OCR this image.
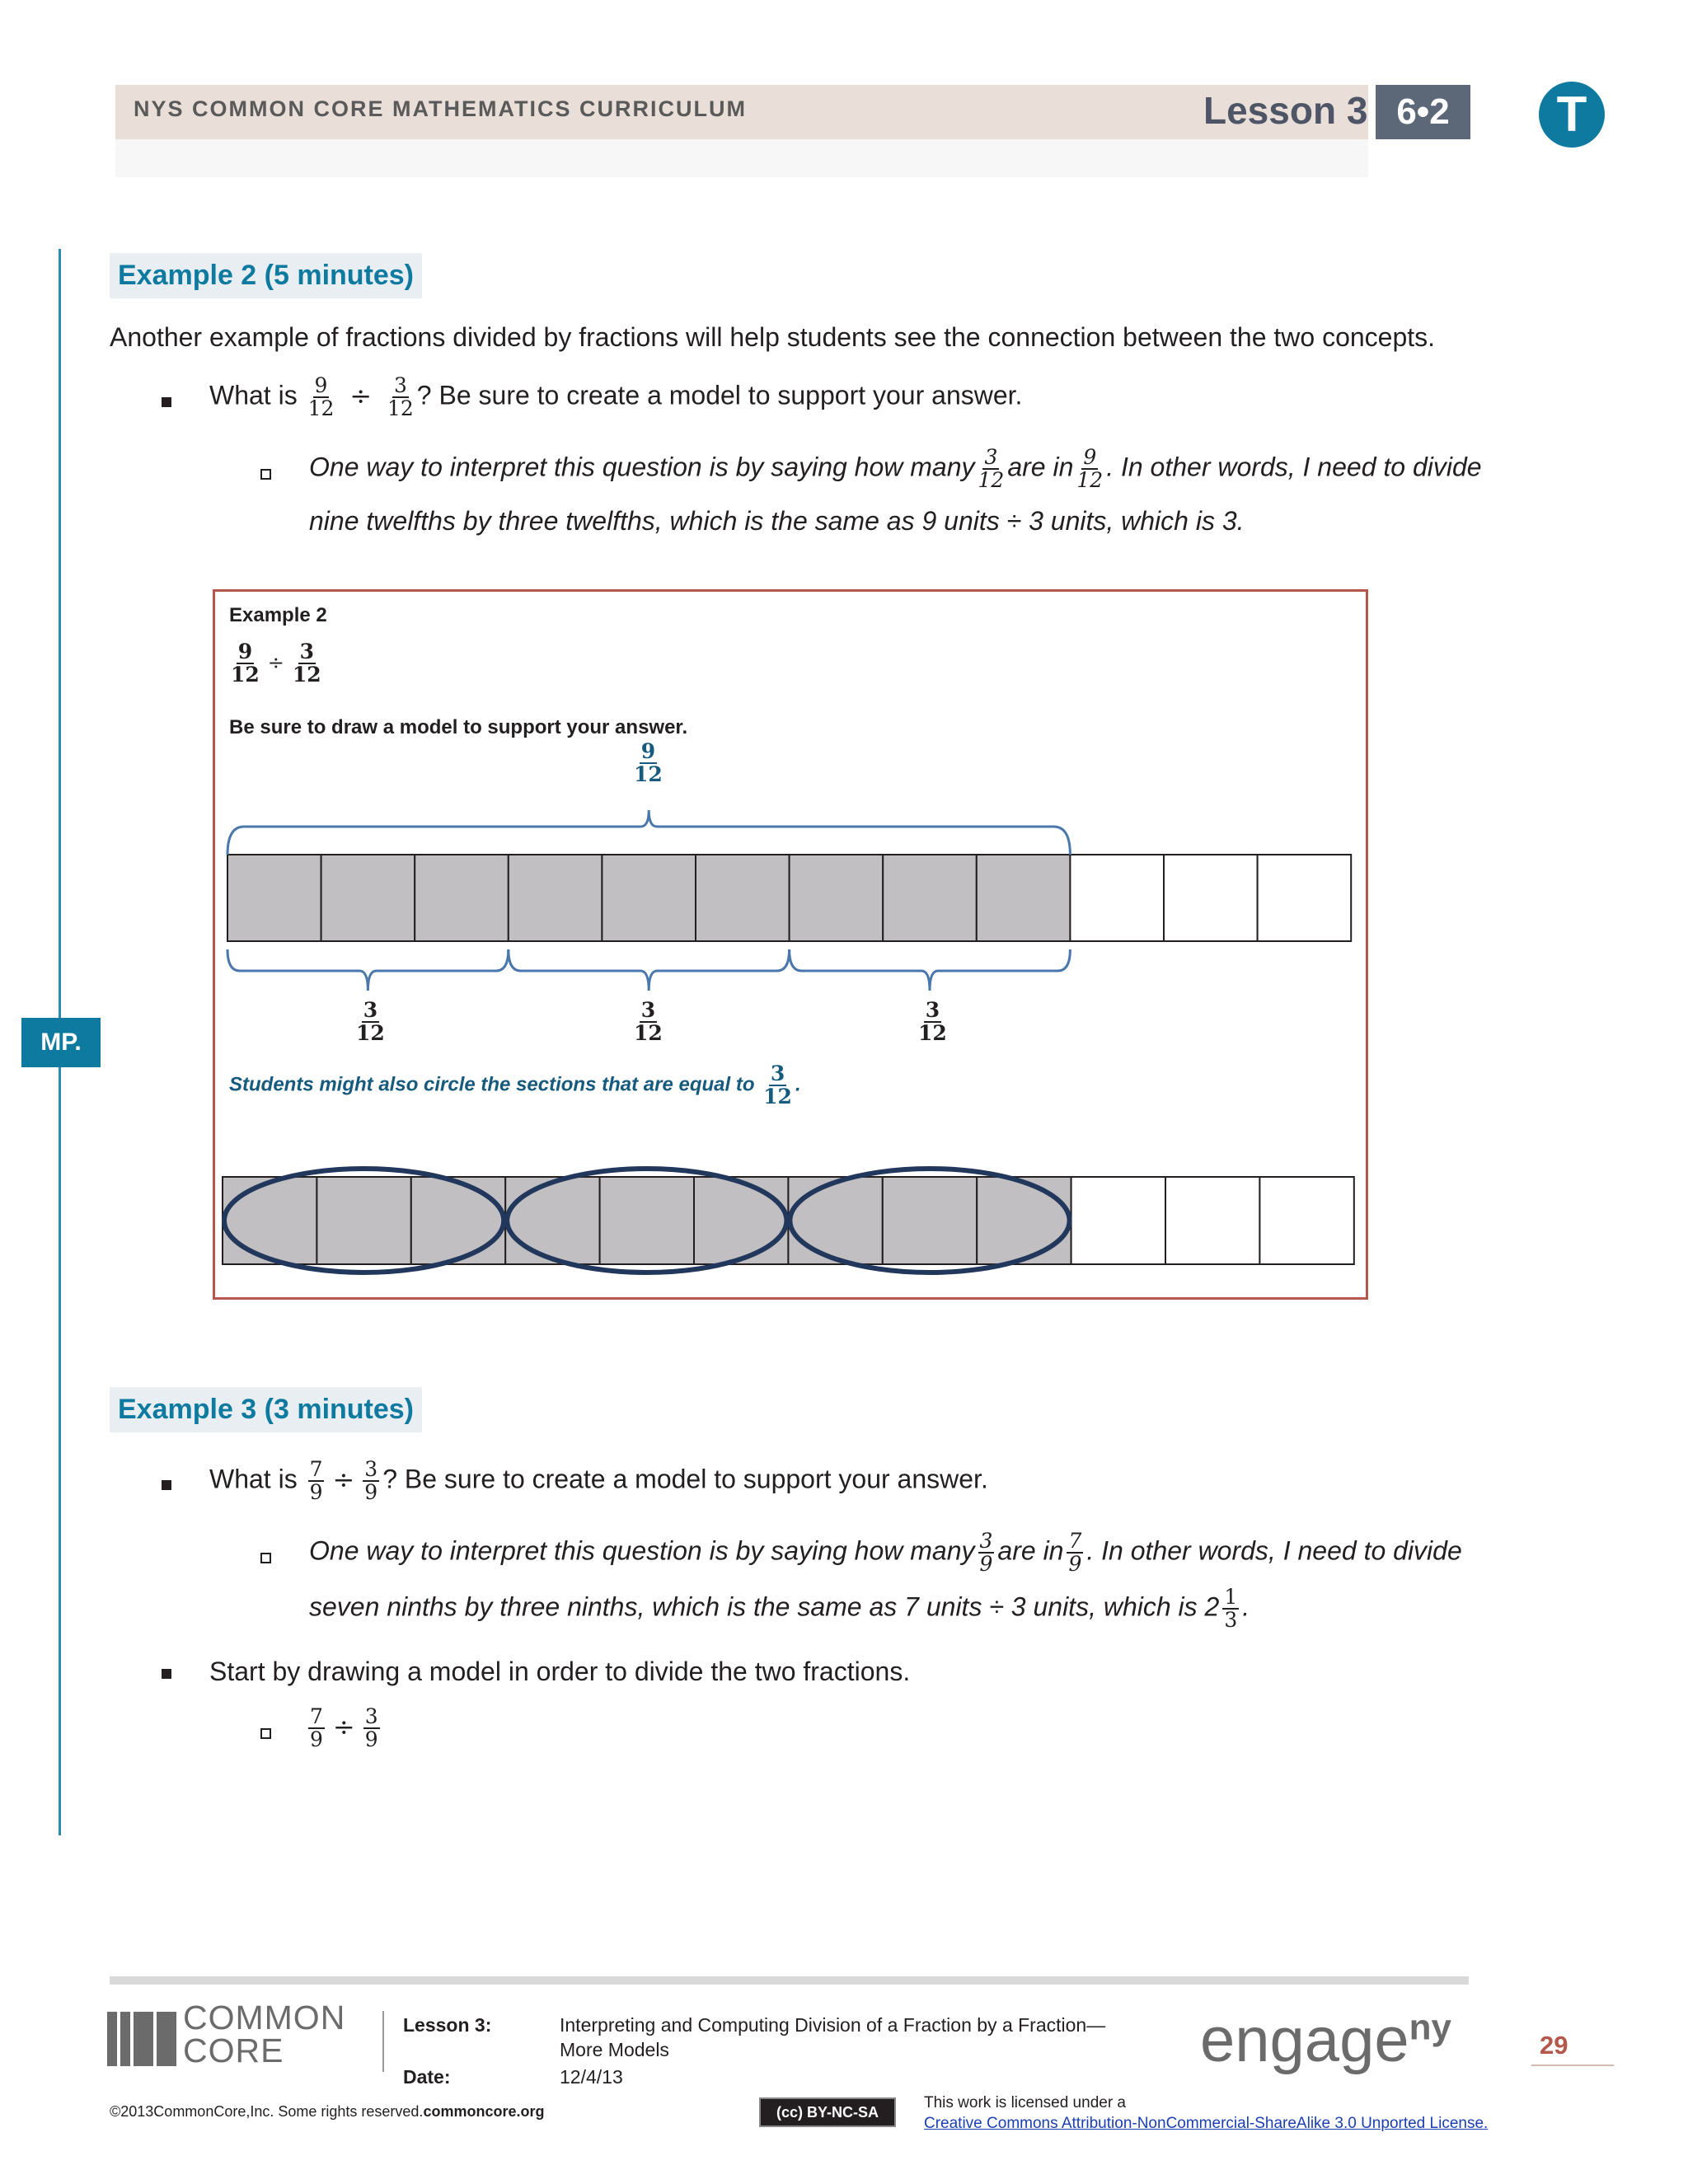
NYS COMMON CORE MATHEMATICS CURRICULUM	Lesson 3 6•2	T
MP.
Example 2 (5 minutes)
Another example of fractions divided by fractions will help students see the connection between the two concepts.
What is $\frac{9}{12} \div \frac{3}{12}$ ? Be sure to create a model to support your answer.
One way to interpret this question is by saying how many $\frac{3}{12}$ are in $\frac{9}{12}$ . In other words, I need to divide
nine twelfths by three twelfths, which is the same as 9 units ÷ 3 units, which is 3.
Example 2
$\frac{9}{12} \div \frac{3}{12}$
Be sure to draw a model to support your answer.
$\frac{9}{12}$
$\frac{3}{12}$	$\frac{3}{12}$	$\frac{3}{12}$
Students might also circle the sections that are equal to $\frac{3}{12}$ .
Example 3 (3 minutes)
What is $\frac{7}{9} \div \frac{3}{9}$ ? Be sure to create a model to support your answer.
One way to interpret this question is by saying how many $\frac{3}{9}$ are in $\frac{7}{9}$ . In other words, I need to divide
seven ninths by three ninths, which is the same as 7 units ÷ 3 units, which is $2 \frac{1}{3}$ .
Start by drawing a model in order to divide the two fractions.
$\frac{7}{9} \div \frac{3}{9}$
COMMON
CORE
Lesson 3:	Interpreting and Computing Division of a Fraction by a Fraction—
More Models
Date:	12/4/13
©2013CommonCore,Inc. Some rights reserved.commoncore.org	(cc) BY-NC-SA
This work is licensed under a
Creative Commons Attribution-NonCommercial-ShareAlike 3.0 Unported License.
engage$^{ny}$	29
